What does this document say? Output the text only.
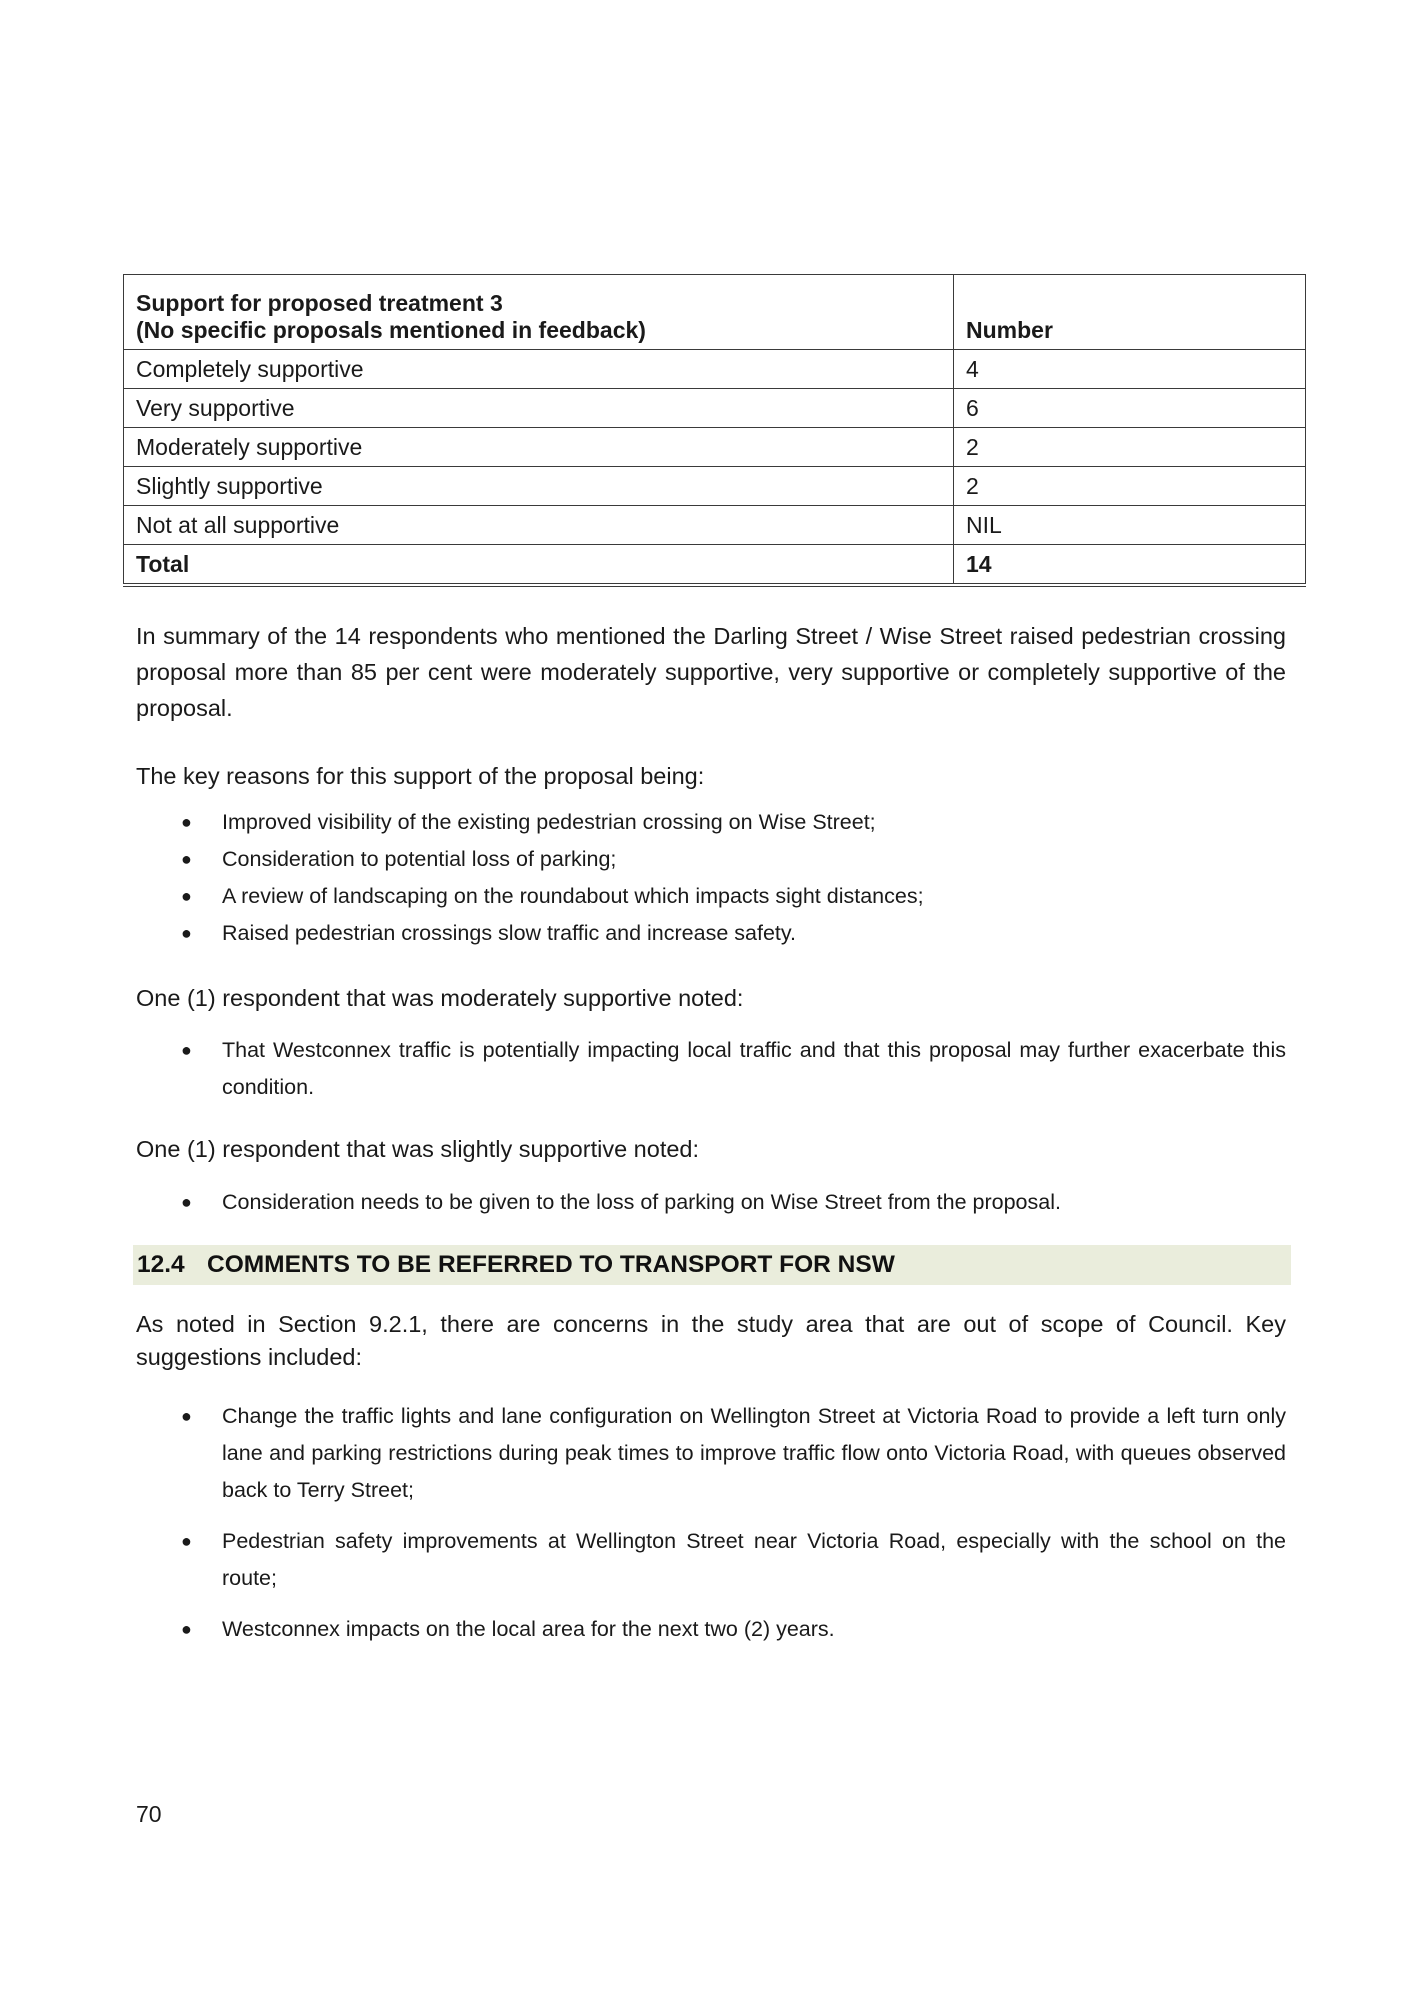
Support for proposed treatment 3
(No specific proposals mentioned in feedback)	Number
Completely supportive	4
Very supportive	6
Moderately supportive	2
Slightly supportive	2
Not at all supportive	NIL
Total	14

In summary of the 14 respondents who mentioned the Darling Street / Wise Street raised pedestrian crossing proposal more than 85 per cent were moderately supportive, very supportive or completely supportive of the proposal.

The key reasons for this support of the proposal being:

● Improved visibility of the existing pedestrian crossing on Wise Street;
● Consideration to potential loss of parking;
● A review of landscaping on the roundabout which impacts sight distances;
● Raised pedestrian crossings slow traffic and increase safety.

One (1) respondent that was moderately supportive noted:

● That Westconnex traffic is potentially impacting local traffic and that this proposal may further exacerbate this condition.

One (1) respondent that was slightly supportive noted:

● Consideration needs to be given to the loss of parking on Wise Street from the proposal.
12.4 COMMENTS TO BE REFERRED TO TRANSPORT FOR NSW

As noted in Section 9.2.1, there are concerns in the study area that are out of scope of Council. Key suggestions included:

● Change the traffic lights and lane configuration on Wellington Street at Victoria Road to provide a left turn only lane and parking restrictions during peak times to improve traffic flow onto Victoria Road, with queues observed back to Terry Street;
● Pedestrian safety improvements at Wellington Street near Victoria Road, especially with the school on the route;
● Westconnex impacts on the local area for the next two (2) years.
70
